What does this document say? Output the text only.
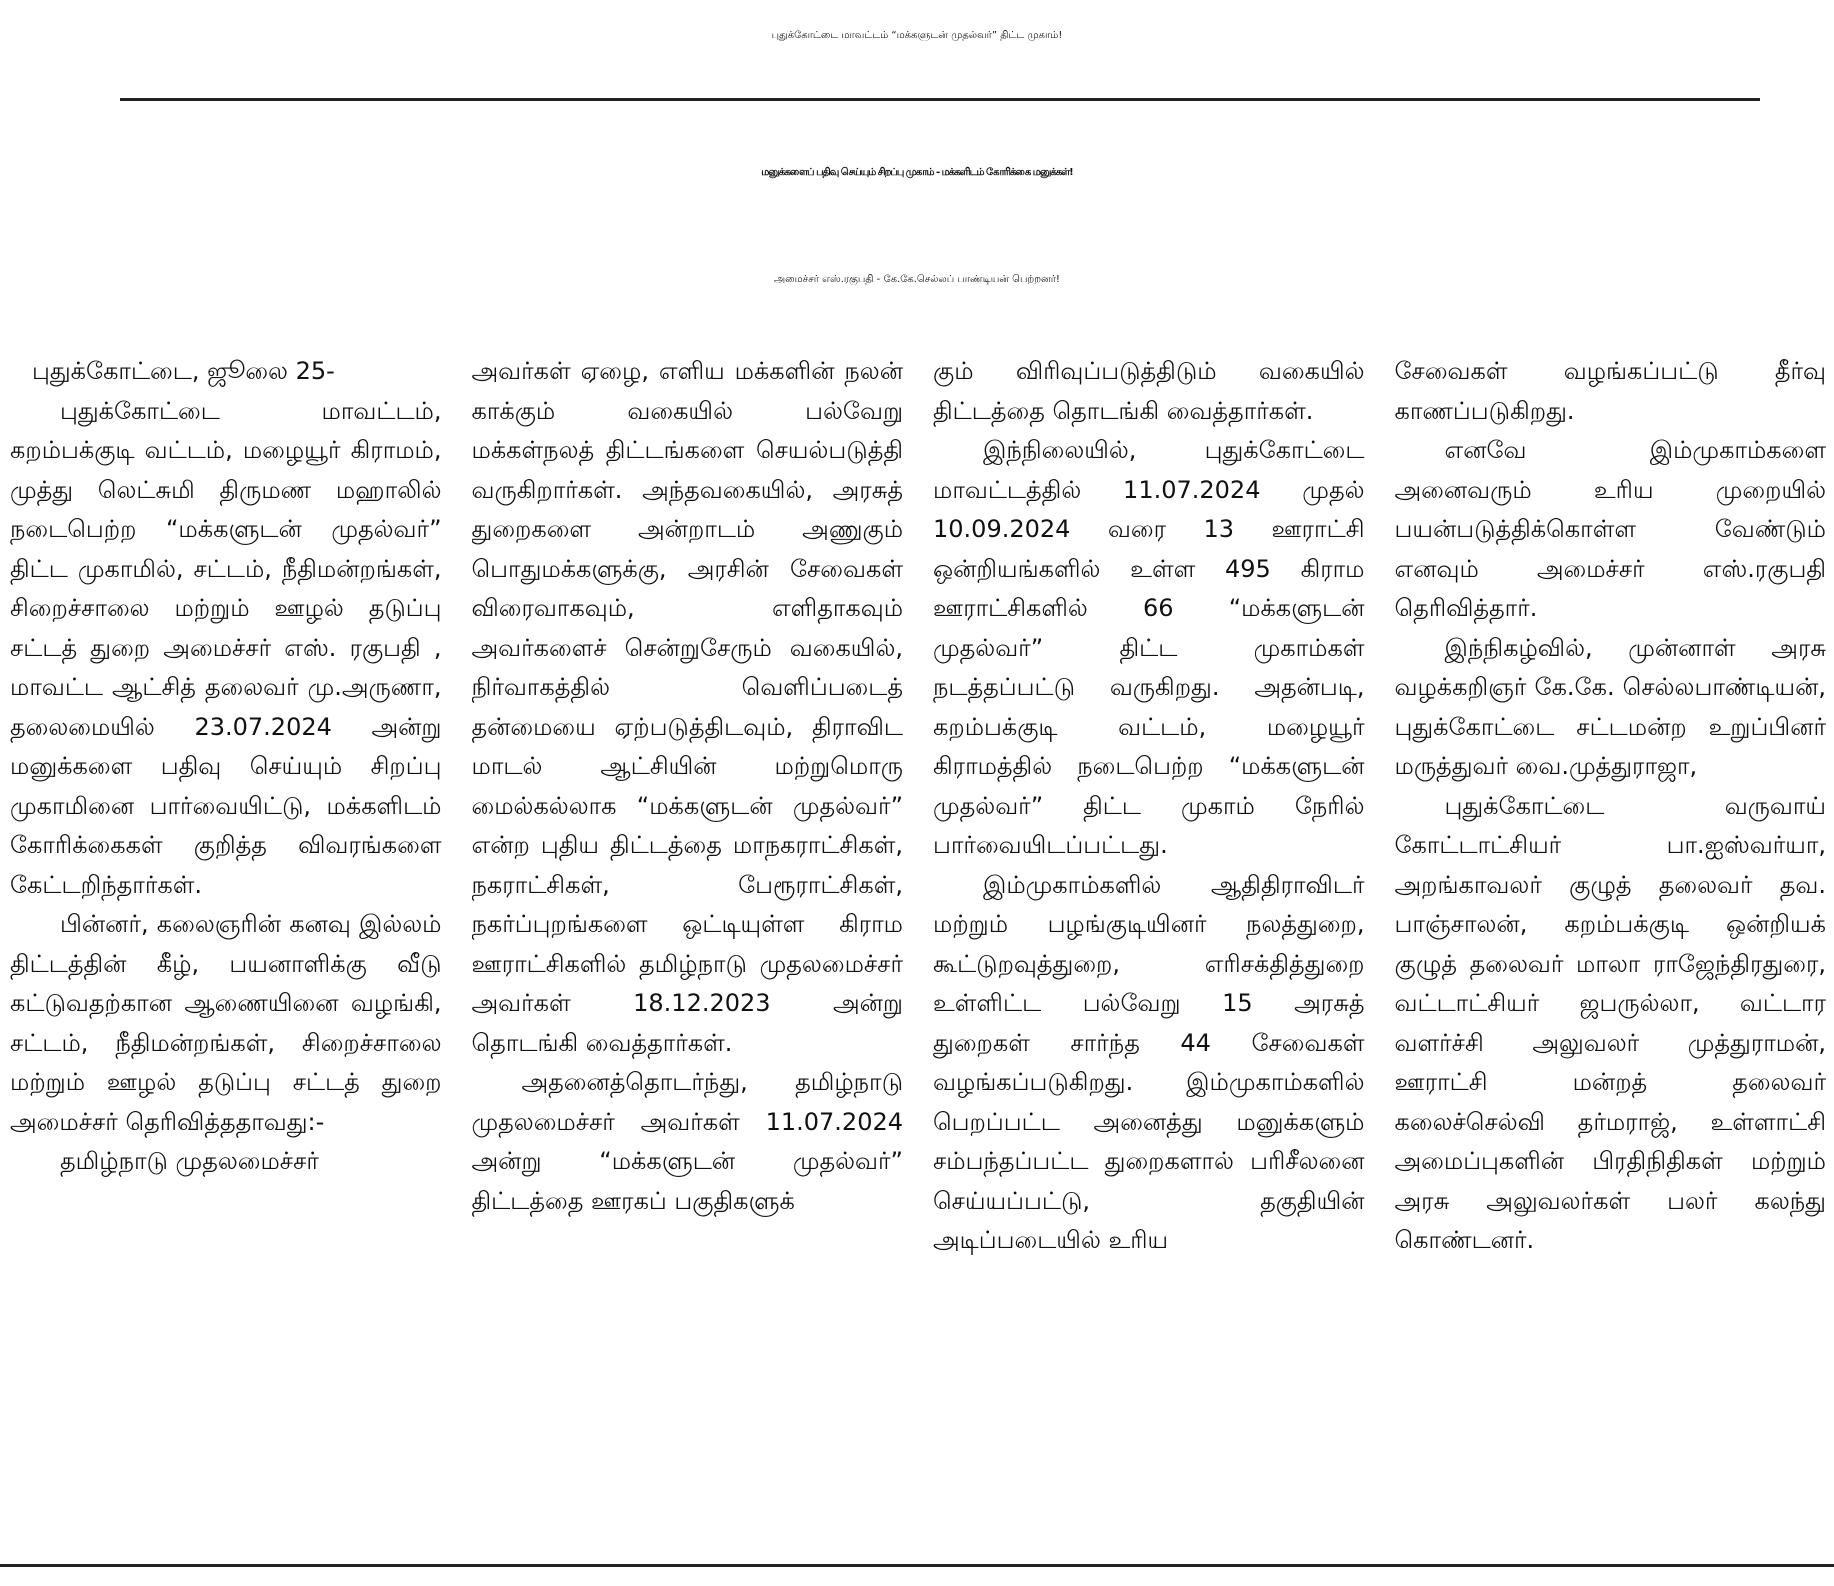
புதுக்கோட்டை மாவட்டம் “மக்களுடன் முதல்வர்” திட்ட முகாம்!
மனுக்களைப் பதிவு செய்யும் சிறப்பு முகாம் - மக்களிடம் கோரிக்கை மனுக்கள்!
அமைச்சர் எஸ்.ரகுபதி - கே.கே.செல்லப் பாண்டியன் பெற்றனர்!

புதுக்கோட்டை, ஜூலை 25-

புதுக்கோட்டை மாவட்டம், கறம்பக்குடி வட்டம், மழையூர் கிராமம், முத்து லெட்சுமி திருமண மஹாலில் நடைபெற்ற “மக்களுடன் முதல்வர்” திட்ட முகாமில், சட்டம், நீதிமன்றங்கள், சிறைச்சாலை மற்றும் ஊழல் தடுப்பு சட்டத் துறை அமைச்சர் எஸ். ரகுபதி , மாவட்ட ஆட்சித் தலைவர் மு.அருணா, தலைமையில் 23.07.2024 அன்று மனுக்களை பதிவு செய்யும் சிறப்பு முகாமினை பார்வையிட்டு, மக்களிடம் கோரிக்கைகள் குறித்த விவரங்களை கேட்டறிந்தார்கள்.

பின்னர், கலைஞரின் கனவு இல்லம் திட்டத்தின் கீழ், பயனாளிக்கு வீடு கட்டுவதற்கான ஆணையினை வழங்கி, சட்டம், நீதிமன்றங்கள், சிறைச்சாலை மற்றும் ஊழல் தடுப்பு சட்டத் துறை அமைச்சர் தெரிவித்ததாவது:-

தமிழ்நாடு முதலமைச்சர்

அவர்கள் ஏழை, எளிய மக்களின் நலன் காக்கும் வகையில் பல்வேறு மக்கள்நலத் திட்டங்களை செயல்படுத்தி வருகிறார்கள். அந்தவகையில், அரசுத் துறைகளை அன்றாடம் அணுகும் பொதுமக்களுக்கு, அரசின் சேவைகள் விரைவாகவும், எளிதாகவும் அவர்களைச் சென்றுசேரும் வகையில், நிர்வாகத்தில் வெளிப்படைத் தன்மையை ஏற்படுத்திடவும், திராவிட மாடல் ஆட்சியின் மற்றுமொரு மைல்கல்லாக “மக்களுடன் முதல்வர்” என்ற புதிய திட்டத்தை மாநகராட்சிகள், நகராட்சிகள், பேரூராட்சிகள், நகர்ப்புறங்களை ஒட்டியுள்ள கிராம ஊராட்சிகளில் தமிழ்நாடு முதலமைச்சர் அவர்கள் 18.12.2023 அன்று தொடங்கி வைத்தார்கள்.

அதனைத்தொடர்ந்து, தமிழ்நாடு முதலமைச்சர் அவர்கள் 11.07.2024 அன்று “மக்களுடன் முதல்வர்” திட்டத்தை ஊரகப் பகுதிகளுக்

கும் விரிவுப்படுத்திடும் வகையில் திட்டத்தை தொடங்கி வைத்தார்கள்.

இந்நிலையில், புதுக்கோட்டை மாவட்டத்தில் 11.07.2024 முதல் 10.09.2024 வரை 13 ஊராட்சி ஒன்றியங்களில் உள்ள 495 கிராம ஊராட்சிகளில் 66 “மக்களுடன் முதல்வர்” திட்ட முகாம்கள் நடத்தப்பட்டு வருகிறது. அதன்படி, கறம்பக்குடி வட்டம், மழையூர் கிராமத்தில் நடைபெற்ற “மக்களுடன் முதல்வர்” திட்ட முகாம் நேரில் பார்வையிடப்பட்டது.

இம்முகாம்களில் ஆதிதிராவிடர் மற்றும் பழங்குடியினர் நலத்துறை, கூட்டுறவுத்துறை, எரிசக்தித்துறை உள்ளிட்ட பல்வேறு 15 அரசுத் துறைகள் சார்ந்த 44 சேவைகள் வழங்கப்படுகிறது. இம்முகாம்களில் பெறப்பட்ட அனைத்து மனுக்களும் சம்பந்தப்பட்ட துறைகளால் பரிசீலனை செய்யப்பட்டு, தகுதியின் அடிப்படையில் உரிய

சேவைகள் வழங்கப்பட்டு தீர்வு காணப்படுகிறது.

எனவே இம்முகாம்களை அனைவரும் உரிய முறையில் பயன்படுத்திக்கொள்ள வேண்டும் எனவும் அமைச்சர் எஸ்.ரகுபதி தெரிவித்தார்.

இந்நிகழ்வில், முன்னாள் அரசு வழக்கறிஞர் கே.கே. செல்லபாண்டியன், புதுக்கோட்டை சட்டமன்ற உறுப்பினர் மருத்துவர் வை.முத்துராஜா,

புதுக்கோட்டை வருவாய் கோட்டாட்சியர் பா.ஐஸ்வர்யா, அறங்காவலர் குழுத் தலைவர் தவ. பாஞ்சாலன், கறம்பக்குடி ஒன்றியக் குழுத் தலைவர் மாலா ராஜேந்திரதுரை, வட்டாட்சியர் ஜபருல்லா, வட்டார வளர்ச்சி அலுவலர் முத்துராமன், ஊராட்சி மன்றத் தலைவர் கலைச்செல்வி தர்மராஜ், உள்ளாட்சி அமைப்புகளின் பிரதிநிதிகள் மற்றும் அரசு அலுவலர்கள் பலர் கலந்து கொண்டனர்.
